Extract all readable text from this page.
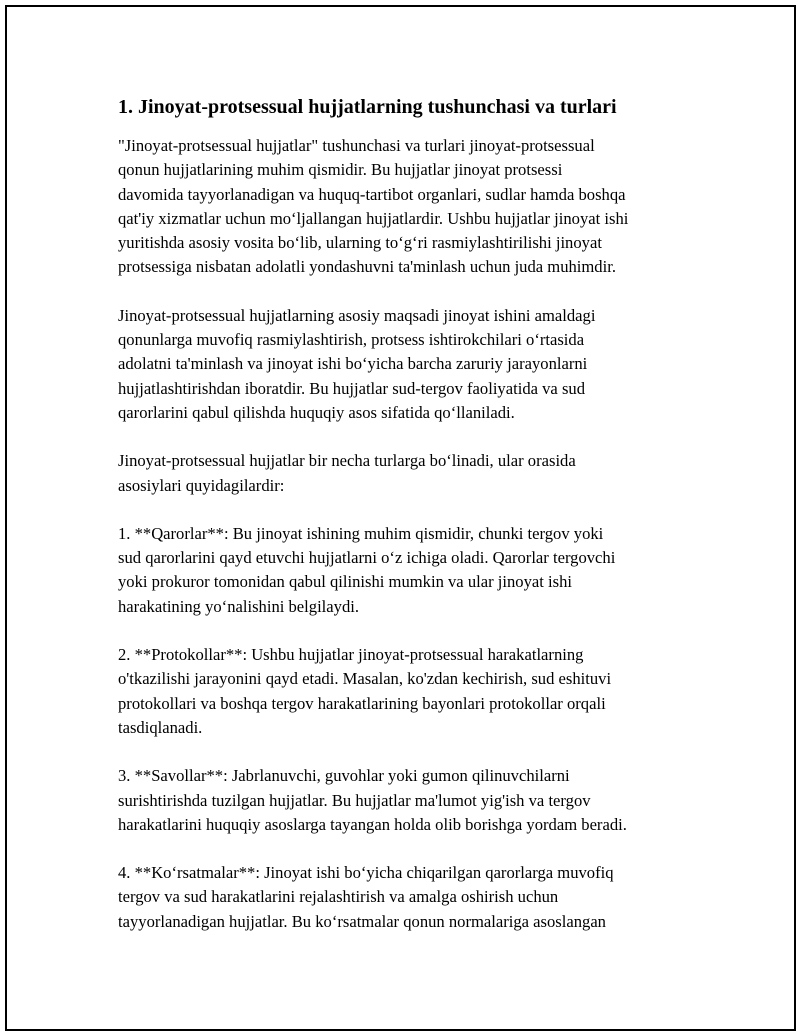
1. Jinoyat-protsessual hujjatlarning tushunchasi va turlari

"Jinoyat-protsessual hujjatlar" tushunchasi va turlari jinoyat-protsessual
qonun hujjatlarining muhim qismidir. Bu hujjatlar jinoyat protsessi
davomida tayyorlanadigan va huquq-tartibot organlari, sudlar hamda boshqa
qat'iy xizmatlar uchun mo‘ljallangan hujjatlardir. Ushbu hujjatlar jinoyat ishi
yuritishda asosiy vosita bo‘lib, ularning to‘g‘ri rasmiylashtirilishi jinoyat
protsessiga nisbatan adolatli yondashuvni ta'minlash uchun juda muhimdir.

Jinoyat-protsessual hujjatlarning asosiy maqsadi jinoyat ishini amaldagi
qonunlarga muvofiq rasmiylashtirish, protsess ishtirokchilari o‘rtasida
adolatni ta'minlash va jinoyat ishi bo‘yicha barcha zaruriy jarayonlarni
hujjatlashtirishdan iboratdir. Bu hujjatlar sud-tergov faoliyatida va sud
qarorlarini qabul qilishda huquqiy asos sifatida qo‘llaniladi.

Jinoyat-protsessual hujjatlar bir necha turlarga bo‘linadi, ular orasida
asosiylari quyidagilardir:

1. **Qarorlar**: Bu jinoyat ishining muhim qismidir, chunki tergov yoki
sud qarorlarini qayd etuvchi hujjatlarni o‘z ichiga oladi. Qarorlar tergovchi
yoki prokuror tomonidan qabul qilinishi mumkin va ular jinoyat ishi
harakatining yo‘nalishini belgilaydi.

2. **Protokollar**: Ushbu hujjatlar jinoyat-protsessual harakatlarning
o'tkazilishi jarayonini qayd etadi. Masalan, ko'zdan kechirish, sud eshituvi
protokollari va boshqa tergov harakatlarining bayonlari protokollar orqali
tasdiqlanadi.

3. **Savollar**: Jabrlanuvchi, guvohlar yoki gumon qilinuvchilarni
surishtirishda tuzilgan hujjatlar. Bu hujjatlar ma'lumot yig'ish va tergov
harakatlarini huquqiy asoslarga tayangan holda olib borishga yordam beradi.

4. **Ko‘rsatmalar**: Jinoyat ishi bo‘yicha chiqarilgan qarorlarga muvofiq
tergov va sud harakatlarini rejalashtirish va amalga oshirish uchun
tayyorlanadigan hujjatlar. Bu ko‘rsatmalar qonun normalariga asoslangan
